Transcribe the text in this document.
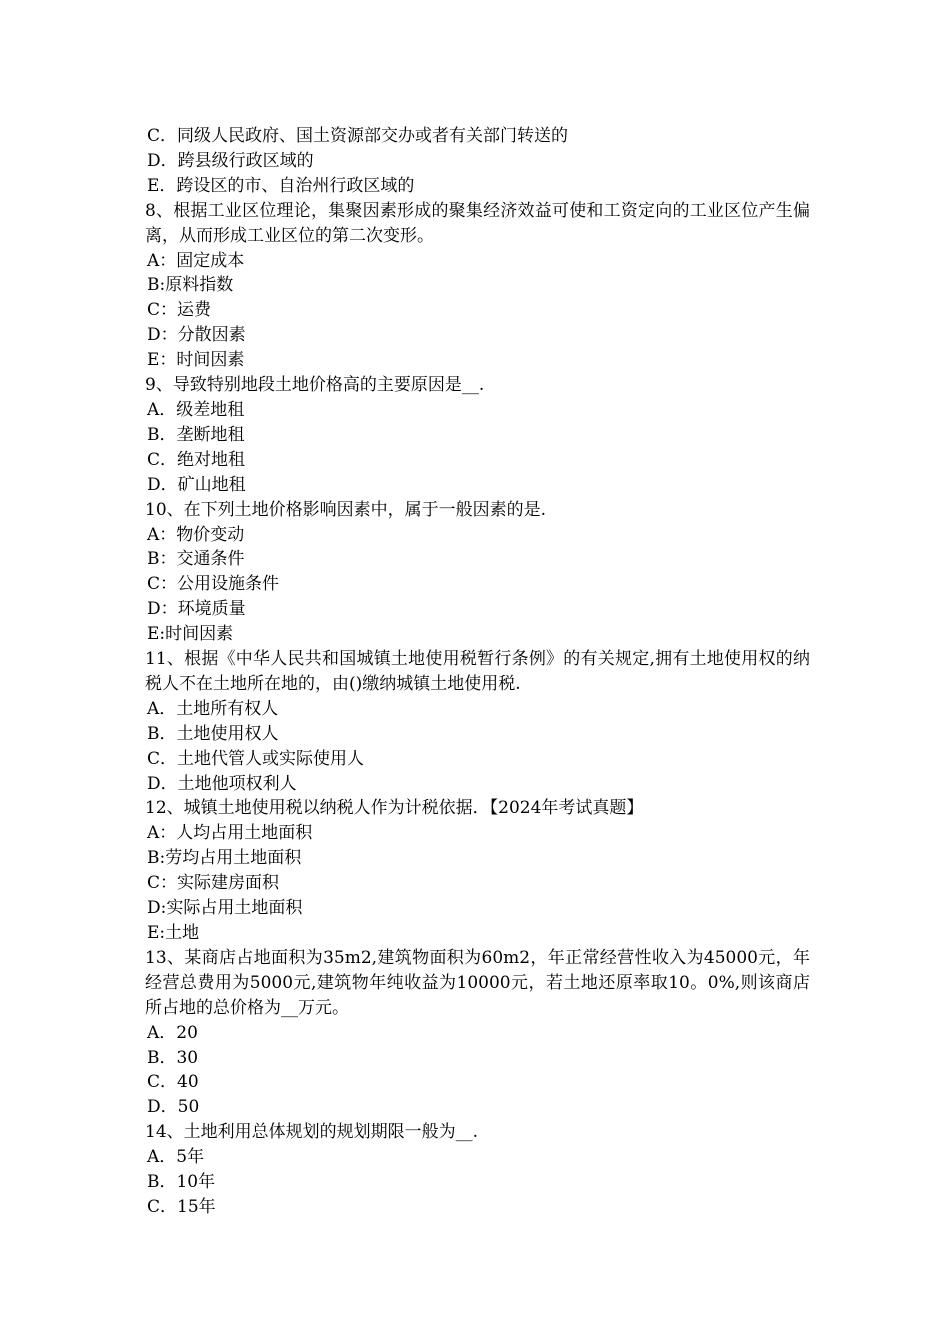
C．同级人民政府、国土资源部交办或者有关部门转送的
D．跨县级行政区域的
E．跨设区的市、自治州行政区域的
8、根据工业区位理论，集聚因素形成的聚集经济效益可使和工资定向的工业区位产生偏离，从而形成工业区位的第二次变形。
A：固定成本
B:原料指数
C：运费
D：分散因素
E：时间因素
9、导致特别地段土地价格高的主要原因是__.
A．级差地租
B．垄断地租
C．绝对地租
D．矿山地租
10、在下列土地价格影响因素中，属于一般因素的是.
A：物价变动
B：交通条件
C：公用设施条件
D：环境质量
E:时间因素
11、根据《中华人民共和国城镇土地使用税暂行条例》的有关规定,拥有土地使用权的纳税人不在土地所在地的，由()缴纳城镇土地使用税.
A．土地所有权人
B．土地使用权人
C．土地代管人或实际使用人
D．土地他项权利人
12、城镇土地使用税以纳税人作为计税依据．【2024年考试真题】
A：人均占用土地面积
B:劳均占用土地面积
C：实际建房面积
D:实际占用土地面积
E:土地
13、某商店占地面积为35m2,建筑物面积为60m2，年正常经营性收入为45000元，年经营总费用为5000元,建筑物年纯收益为10000元，若土地还原率取10。0%,则该商店所占地的总价格为__万元。
A．20
B．30
C．40
D．50
14、土地利用总体规划的规划期限一般为__.
A．5年
B．10年
C．15年
